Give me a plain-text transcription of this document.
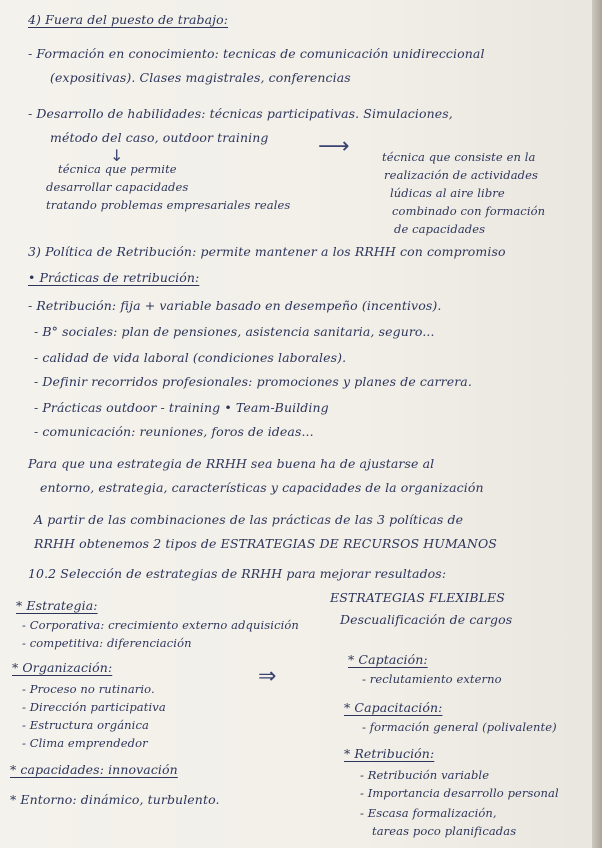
4) Fuera del puesto de trabajo:
- Formación en conocimiento: tecnicas de comunicación unidireccional
(expositivas). Clases magistrales, conferencias
- Desarrollo de habilidades: técnicas participativas. Simulaciones,
método del caso, outdoor training
↓	⟶
técnica que permite
desarrollar capacidades
tratando problemas empresariales reales
técnica que consiste en la
realización de actividades
lúdicas al aire libre
combinado con formación
de capacidades
3) Política de Retribución: permite mantener a los RRHH con compromiso
• Prácticas de retribución:
- Retribución: fija + variable basado en desempeño (incentivos).
- B° sociales: plan de pensiones, asistencia sanitaria, seguro...
- calidad de vida laboral (condiciones laborales).
- Definir recorridos profesionales: promociones y planes de carrera.
- Prácticas outdoor - training • Team-Building
- comunicación: reuniones, foros de ideas...
Para que una estrategia de RRHH sea buena ha de ajustarse al
entorno, estrategia, características y capacidades de la organización
A partir de las combinaciones de las prácticas de las 3 políticas de
RRHH obtenemos 2 tipos de ESTRATEGIAS DE RECURSOS HUMANOS
10.2 Selección de estrategias de RRHH para mejorar resultados:
* Estrategia:
- Corporativa: crecimiento externo adquisición
- competitiva: diferenciación
ESTRATEGIAS FLEXIBLES
Descualificación de cargos
* Organización:
- Proceso no rutinario.
- Dirección participativa
- Estructura orgánica
- Clima emprendedor
⇒
* Captación:
- reclutamiento externo
* Capacitación:
- formación general (polivalente)
* capacidades: innovación
* Retribución:
- Retribución variable
* Entorno: dinámico, turbulento.	- Importancia desarrollo personal
- Escasa formalización,
tareas poco planificadas
